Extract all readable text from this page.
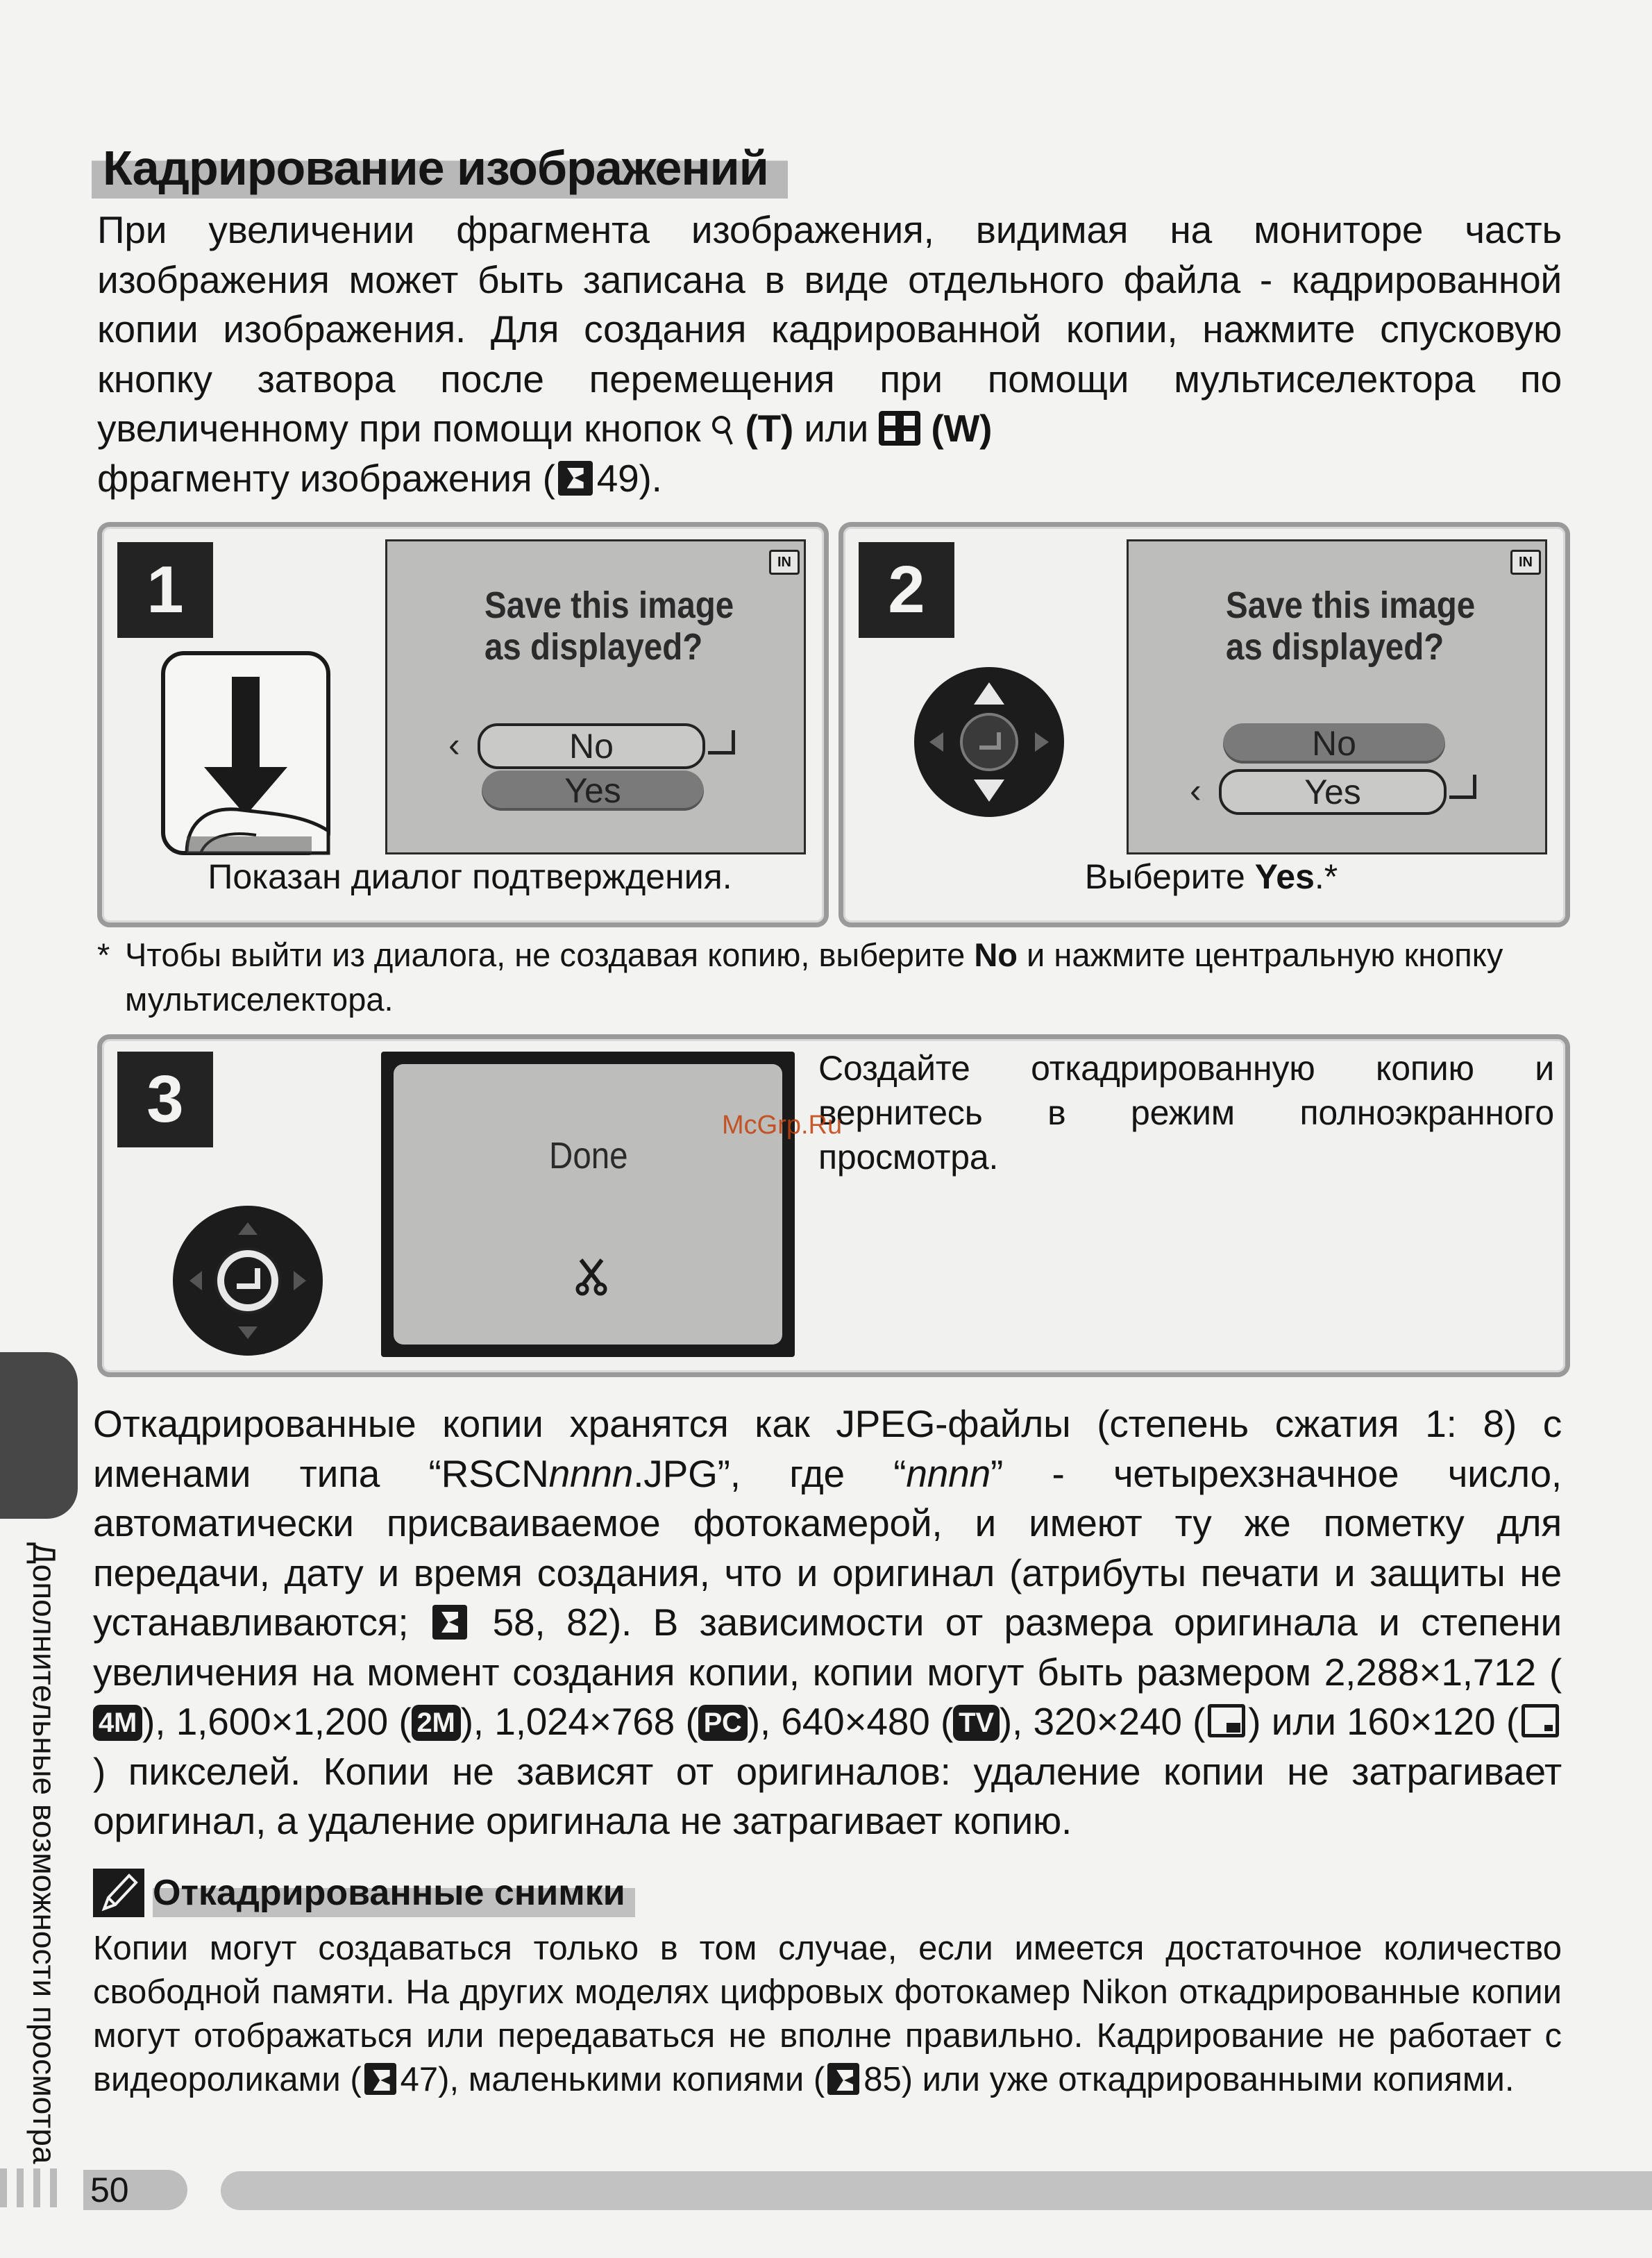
Кадрирование изображений
При увеличении фрагмента изображения, видимая на мониторе часть изображения может быть записана в виде отдельного файла - кадрированной копии изображения. Для создания кадрированной копии, нажмите спусковую кнопку затвора после перемещения при помощи мультиселектора по увеличенному при помощи кнопок  (T) или  (W)
фрагменту изображения ( 49).
1	IN
Save this image
as displayed?
‹	No
Yes
Показан диалог подтверждения.
2	IN
Save this image
as displayed?
No
‹	Yes
Выберите Yes.*
* Чтобы выйти из диалога, не создавая копию, выберите No и нажмите центральную кнопку мультиселектора.
3
Done
Создайте откадрированную копию и вернитесь в режим полноэкранного просмотра.
McGrp.Ru
Откадрированные копии хранятся как JPEG-файлы (степень сжатия 1: 8) с именами типа “RSCNnnnn.JPG”, где “nnnn” - четырехзначное число, автоматически присваиваемое фотокамерой, и имеют ту же пометку для передачи, дату и время создания, что и оригинал (атрибуты печати и защиты не устанавливаются;  58, 82). В зависимости от размера оригинала и степени увеличения на момент создания копии, копии могут быть размером 2,288×1,712 (4M ), 1,600×1,200 ( 2M ), 1,024×768 ( PC ), 640×480 ( TV ), 320×240 ( ) или 160×120 () пикселей. Копии не зависят от оригиналов: удаление копии не затрагивает оригинал, а удаление оригинала не затрагивает копию.
Откадрированные снимки
Копии могут создаваться только в том случае, если имеется достаточное количество свободной памяти. На других моделях цифровых фотокамер Nikon откадрированные копии могут отображаться или передаваться не вполне правильно. Кадрирование не работает с видеороликами ( 47), маленькими копиями ( 85) или уже откадрированными копиями.
Дополнительные возможности просмотра
50
